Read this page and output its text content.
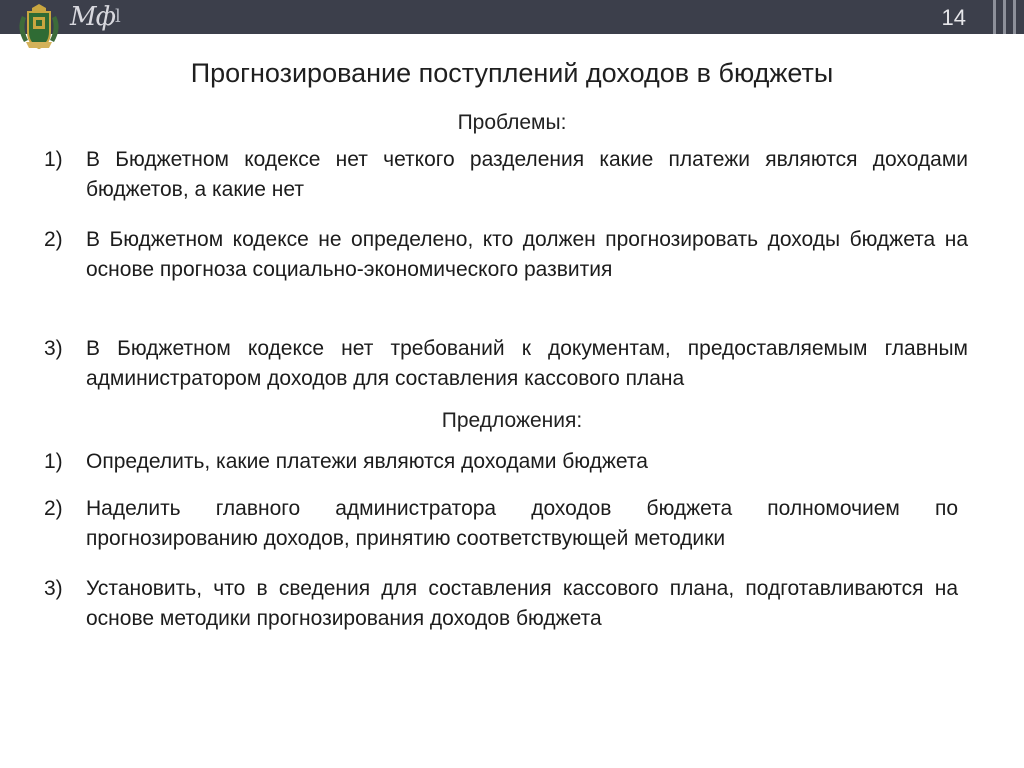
Мфl	14
Прогнозирование поступлений доходов в бюджеты
Проблемы:
1)	В Бюджетном кодексе нет четкого разделения какие платежи являются доходами бюджетов, а какие нет
2)	В Бюджетном кодексе не определено, кто должен прогнозировать доходы бюджета на основе прогноза социально-экономического развития
3)	В Бюджетном кодексе нет требований к документам, предоставляемым главным администратором доходов для составления кассового плана
Предложения:
1)	Определить, какие платежи являются доходами бюджета
2)	Наделить главного администратора доходов бюджета полномочием по прогнозированию доходов, принятию соответствующей методики
3)	Установить, что в сведения для составления кассового плана, подготавливаются на основе методики прогнозирования доходов бюджета
